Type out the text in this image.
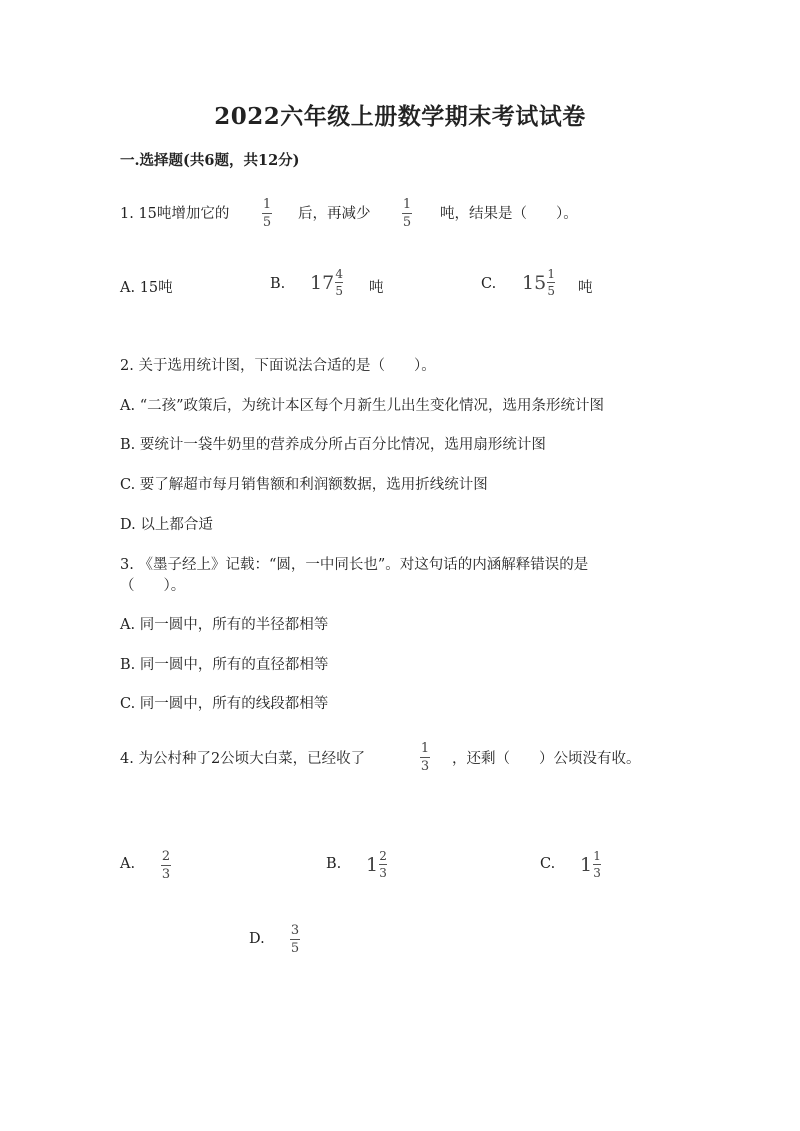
2022六年级上册数学期末考试试卷
一.选择题(共6题，共12分)
1. 15吨增加它的
1
5
后，再减少
1
5
吨，结果是（　　）。
A. 15吨	B. $17 \frac{4}{5}$ 吨	C. $15 \frac{1}{5}$ 吨
2. 关于选用统计图，下面说法合适的是（　　）。
A. “二孩”政策后，为统计本区每个月新生儿出生变化情况，选用条形统计图
B. 要统计一袋牛奶里的营养成分所占百分比情况，选用扇形统计图
C. 要了解超市每月销售额和利润额数据，选用折线统计图
D. 以上都合适
3. 《墨子经上》记载：“圆，一中同长也”。对这句话的内涵解释错误的是
（　　）。
A. 同一圆中，所有的半径都相等
B. 同一圆中，所有的直径都相等
C. 同一圆中，所有的线段都相等
4. 为公村种了2公顷大白菜，已经收了
1
3 ，还剩（　　）公顷没有收。
A. 2
3
B. $1 \frac{2}{3}$	C. $1 \frac{1}{3}$
D.
3
5
